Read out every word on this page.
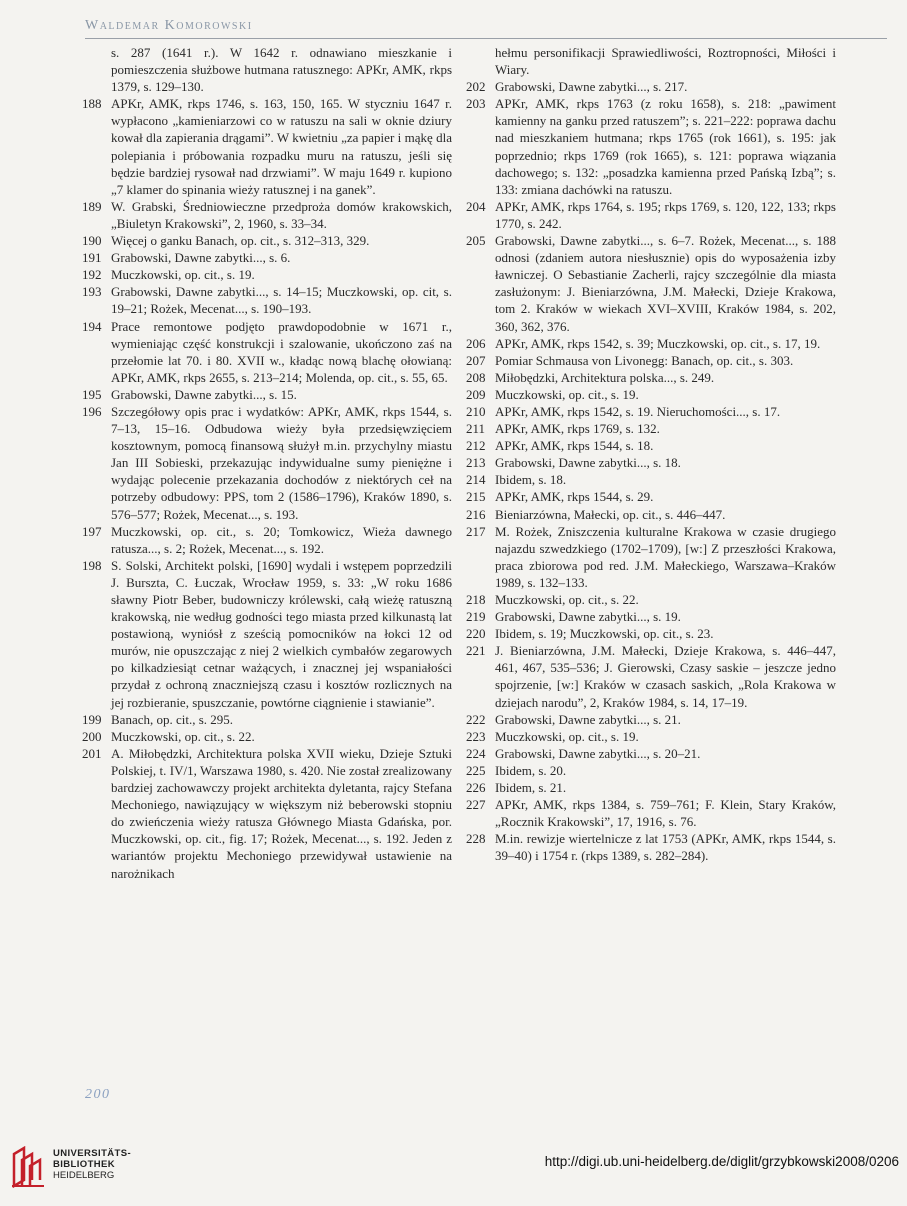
Waldemar Komorowski

s. 287 (1641 r.). W 1642 r. odnawiano mieszkanie i pomieszczenia służbowe hutmana ratusznego: APKr, AMK, rkps 1379, s. 129–130.

188 APKr, AMK, rkps 1746, s. 163, 150, 165. W styczniu 1647 r. wypłacono „kamieniarzowi co w ratuszu na sali w oknie dziury kował dla zapierania drągami”. W kwietniu „za papier i mąkę dla polepiania i próbowania rozpadku muru na ratuszu, jeśli się będzie bardziej rysował nad drzwiami”. W maju 1649 r. kupiono „7 klamer do spinania wieży ratusznej i na ganek”.

189 W. Grabski, Średniowieczne przedproża domów krakowskich, „Biuletyn Krakowski”, 2, 1960, s. 33–34.

190 Więcej o ganku Banach, op. cit., s. 312–313, 329.

191 Grabowski, Dawne zabytki..., s. 6.

192 Muczkowski, op. cit., s. 19.

193 Grabowski, Dawne zabytki..., s. 14–15; Muczkowski, op. cit, s. 19–21; Rożek, Mecenat..., s. 190–193.

194 Prace remontowe podjęto prawdopodobnie w 1671 r., wymieniając część konstrukcji i szalowanie, ukończono zaś na przełomie lat 70. i 80. XVII w., kładąc nową blachę ołowianą: APKr, AMK, rkps 2655, s. 213–214; Molenda, op. cit., s. 55, 65.

195 Grabowski, Dawne zabytki..., s. 15.

196 Szczegółowy opis prac i wydatków: APKr, AMK, rkps 1544, s. 7–13, 15–16. Odbudowa wieży była przedsięwzięciem kosztownym, pomocą finansową służył m.in. przychylny miastu Jan III Sobieski, przekazując indywidualne sumy pieniężne i wydając polecenie przekazania dochodów z niektórych ceł na potrzeby odbudowy: PPS, tom 2 (1586–1796), Kraków 1890, s. 576–577; Rożek, Mecenat..., s. 193.

197 Muczkowski, op. cit., s. 20; Tomkowicz, Wieża dawnego ratusza..., s. 2; Rożek, Mecenat..., s. 192.

198 S. Solski, Architekt polski, [1690] wydali i wstępem poprzedzili J. Burszta, C. Łuczak, Wrocław 1959, s. 33: „W roku 1686 sławny Piotr Beber, budowniczy królewski, całą wieżę ratuszną krakowską, nie według godności tego miasta przed kilkunastą lat postawioną, wyniósł z sześcią pomocników na łokci 12 od murów, nie opuszczając z niej 2 wielkich cymbałów zegarowych po kilkadziesiąt cetnar ważących, i znacznej jej wspaniałości przydał z ochroną znaczniejszą czasu i kosztów rozlicznych na jej rozbieranie, spuszczanie, powtórne ciągnienie i stawianie”.

199 Banach, op. cit., s. 295.

200 Muczkowski, op. cit., s. 22.

201 A. Miłobędzki, Architektura polska XVII wieku, Dzieje Sztuki Polskiej, t. IV/1, Warszawa 1980, s. 420. Nie został zrealizowany bardziej zachowawczy projekt architekta dyletanta, rajcy Stefana Mechoniego, nawiązujący w większym niż beberowski stopniu do zwieńczenia wieży ratusza Głównego Miasta Gdańska, por. Muczkowski, op. cit., fig. 17; Rożek, Mecenat..., s. 192. Jeden z wariantów projektu Mechoniego przewidywał ustawienie na narożnikach

hełmu personifikacji Sprawiedliwości, Roztropności, Miłości i Wiary.

202 Grabowski, Dawne zabytki..., s. 217.

203 APKr, AMK, rkps 1763 (z roku 1658), s. 218: „pawiment kamienny na ganku przed ratuszem”; s. 221–222: poprawa dachu nad mieszkaniem hutmana; rkps 1765 (rok 1661), s. 195: jak poprzednio; rkps 1769 (rok 1665), s. 121: poprawa wiązania dachowego; s. 132: „posadzka kamienna przed Pańską Izbą”; s. 133: zmiana dachówki na ratuszu.

204 APKr, AMK, rkps 1764, s. 195; rkps 1769, s. 120, 122, 133; rkps 1770, s. 242.

205 Grabowski, Dawne zabytki..., s. 6–7. Rożek, Mecenat..., s. 188 odnosi (zdaniem autora niesłusznie) opis do wyposażenia izby ławniczej. O Sebastianie Zacherli, rajcy szczególnie dla miasta zasłużonym: J. Bieniarzówna, J.M. Małecki, Dzieje Krakowa, tom 2. Kraków w wiekach XVI–XVIII, Kraków 1984, s. 202, 360, 362, 376.

206 APKr, AMK, rkps 1542, s. 39; Muczkowski, op. cit., s. 17, 19.

207 Pomiar Schmausa von Livonegg: Banach, op. cit., s. 303.

208 Miłobędzki, Architektura polska..., s. 249.

209 Muczkowski, op. cit., s. 19.

210 APKr, AMK, rkps 1542, s. 19. Nieruchomości..., s. 17.

211 APKr, AMK, rkps 1769, s. 132.

212 APKr, AMK, rkps 1544, s. 18.

213 Grabowski, Dawne zabytki..., s. 18.

214 Ibidem, s. 18.

215 APKr, AMK, rkps 1544, s. 29.

216 Bieniarzówna, Małecki, op. cit., s. 446–447.

217 M. Rożek, Zniszczenia kulturalne Krakowa w czasie drugiego najazdu szwedzkiego (1702–1709), [w:] Z przeszłości Krakowa, praca zbiorowa pod red. J.M. Małeckiego, Warszawa–Kraków 1989, s. 132–133.

218 Muczkowski, op. cit., s. 22.

219 Grabowski, Dawne zabytki..., s. 19.

220 Ibidem, s. 19; Muczkowski, op. cit., s. 23.

221 J. Bieniarzówna, J.M. Małecki, Dzieje Krakowa, s. 446–447, 461, 467, 535–536; J. Gierowski, Czasy saskie – jeszcze jedno spojrzenie, [w:] Kraków w czasach saskich, „Rola Krakowa w dziejach narodu”, 2, Kraków 1984, s. 14, 17–19.

222 Grabowski, Dawne zabytki..., s. 21.

223 Muczkowski, op. cit., s. 19.

224 Grabowski, Dawne zabytki..., s. 20–21.

225 Ibidem, s. 20.

226 Ibidem, s. 21.

227 APKr, AMK, rkps 1384, s. 759–761; F. Klein, Stary Kraków, „Rocznik Krakowski”, 17, 1916, s. 76.

228 M.in. rewizje wiertelnicze z lat 1753 (APKr, AMK, rkps 1544, s. 39–40) i 1754 r. (rkps 1389, s. 282–284).

200
UNIVERSITÄTS-
BIBLIOTHEK
HEIDELBERG
http://digi.ub.uni-heidelberg.de/diglit/grzybkowski2008/0206
